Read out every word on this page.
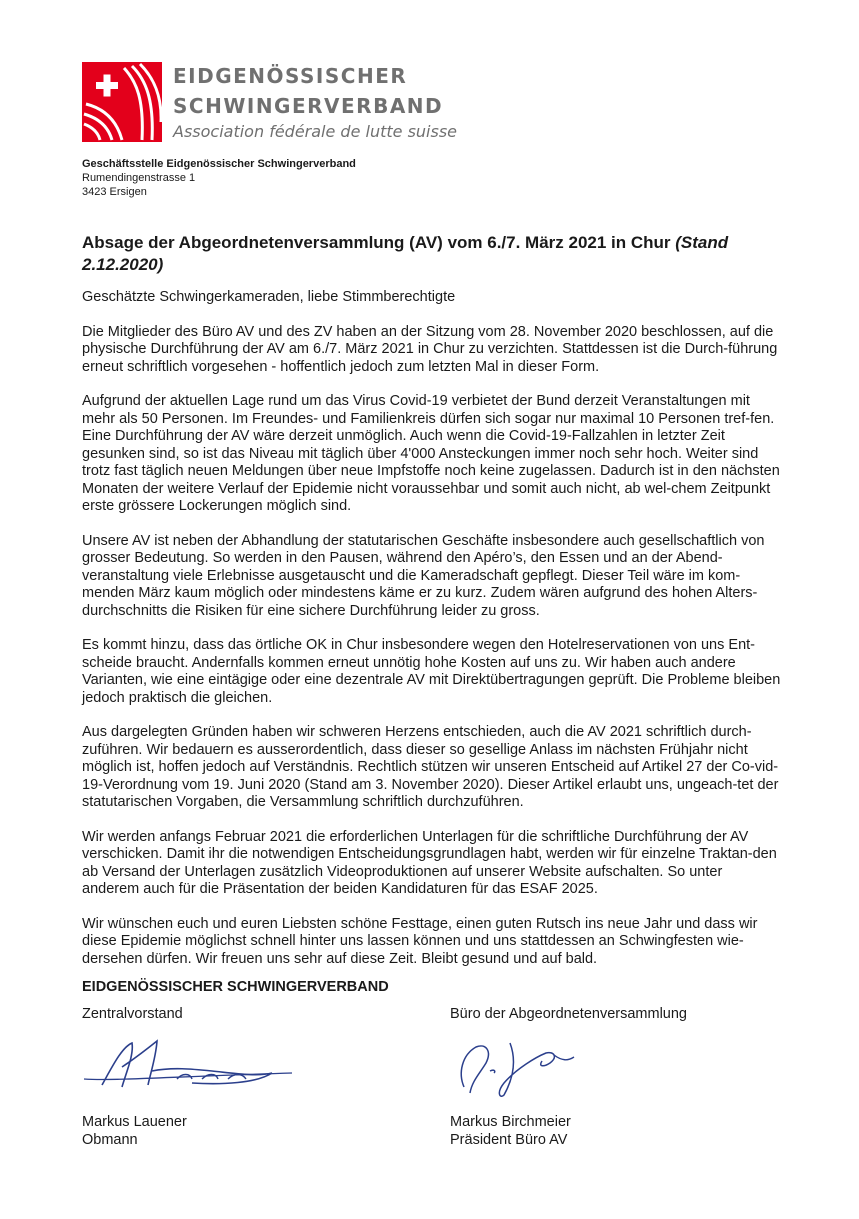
EIDGENÖSSISCHER
SCHWINGERVERBAND
Association fédérale de lutte suisse
Geschäftsstelle Eidgenössischer Schwingerverband
Rumendingenstrasse 1
3423 Ersigen
Absage der Abgeordnetenversammlung (AV) vom 6./7. März 2021 in Chur (Stand 2.12.2020)

Geschätzte Schwingerkameraden, liebe Stimmberechtigte

Die Mitglieder des Büro AV und des ZV haben an der Sitzung vom 28. November 2020 beschlossen, auf die physische Durchführung der AV am 6./7. März 2021 in Chur zu verzichten. Stattdessen ist die Durch-führung erneut schriftlich vorgesehen - hoffentlich jedoch zum letzten Mal in dieser Form.

Aufgrund der aktuellen Lage rund um das Virus Covid-19 verbietet der Bund derzeit Veranstaltungen mit mehr als 50 Personen. Im Freundes- und Familienkreis dürfen sich sogar nur maximal 10 Personen tref-fen. Eine Durchführung der AV wäre derzeit unmöglich. Auch wenn die Covid-19-Fallzahlen in letzter Zeit gesunken sind, so ist das Niveau mit täglich über 4'000 Ansteckungen immer noch sehr hoch. Weiter sind trotz fast täglich neuen Meldungen über neue Impfstoffe noch keine zugelassen. Dadurch ist in den nächsten Monaten der weitere Verlauf der Epidemie nicht voraussehbar und somit auch nicht, ab wel-chem Zeitpunkt erste grössere Lockerungen möglich sind.

Unsere AV ist neben der Abhandlung der statutarischen Geschäfte insbesondere auch gesellschaftlich von grosser Bedeutung. So werden in den Pausen, während den Apéro’s, den Essen und an der Abend-veranstaltung viele Erlebnisse ausgetauscht und die Kameradschaft gepflegt. Dieser Teil wäre im kom-menden März kaum möglich oder mindestens käme er zu kurz. Zudem wären aufgrund des hohen Alters-durchschnitts die Risiken für eine sichere Durchführung leider zu gross.

Es kommt hinzu, dass das örtliche OK in Chur insbesondere wegen den Hotelreservationen von uns Ent-scheide braucht. Andernfalls kommen erneut unnötig hohe Kosten auf uns zu. Wir haben auch andere Varianten, wie eine eintägige oder eine dezentrale AV mit Direktübertragungen geprüft. Die Probleme bleiben jedoch praktisch die gleichen.

Aus dargelegten Gründen haben wir schweren Herzens entschieden, auch die AV 2021 schriftlich durch-zuführen. Wir bedauern es ausserordentlich, dass dieser so gesellige Anlass im nächsten Frühjahr nicht möglich ist, hoffen jedoch auf Verständnis. Rechtlich stützen wir unseren Entscheid auf Artikel 27 der Co-vid-19-Verordnung vom 19. Juni 2020 (Stand am 3. November 2020). Dieser Artikel erlaubt uns, ungeach-tet der statutarischen Vorgaben, die Versammlung schriftlich durchzuführen.

Wir werden anfangs Februar 2021 die erforderlichen Unterlagen für die schriftliche Durchführung der AV verschicken. Damit ihr die notwendigen Entscheidungsgrundlagen habt, werden wir für einzelne Traktan-den ab Versand der Unterlagen zusätzlich Videoproduktionen auf unserer Website aufschalten. So unter anderem auch für die Präsentation der beiden Kandidaturen für das ESAF 2025.

Wir wünschen euch und euren Liebsten schöne Festtage, einen guten Rutsch ins neue Jahr und dass wir diese Epidemie möglichst schnell hinter uns lassen können und uns stattdessen an Schwingfesten wie-dersehen dürfen. Wir freuen uns sehr auf diese Zeit. Bleibt gesund und auf bald.

EIDGENÖSSISCHER SCHWINGERVERBAND
Zentralvorstand
Markus Lauener
Obmann
Büro der Abgeordnetenversammlung
Markus Birchmeier
Präsident Büro AV
